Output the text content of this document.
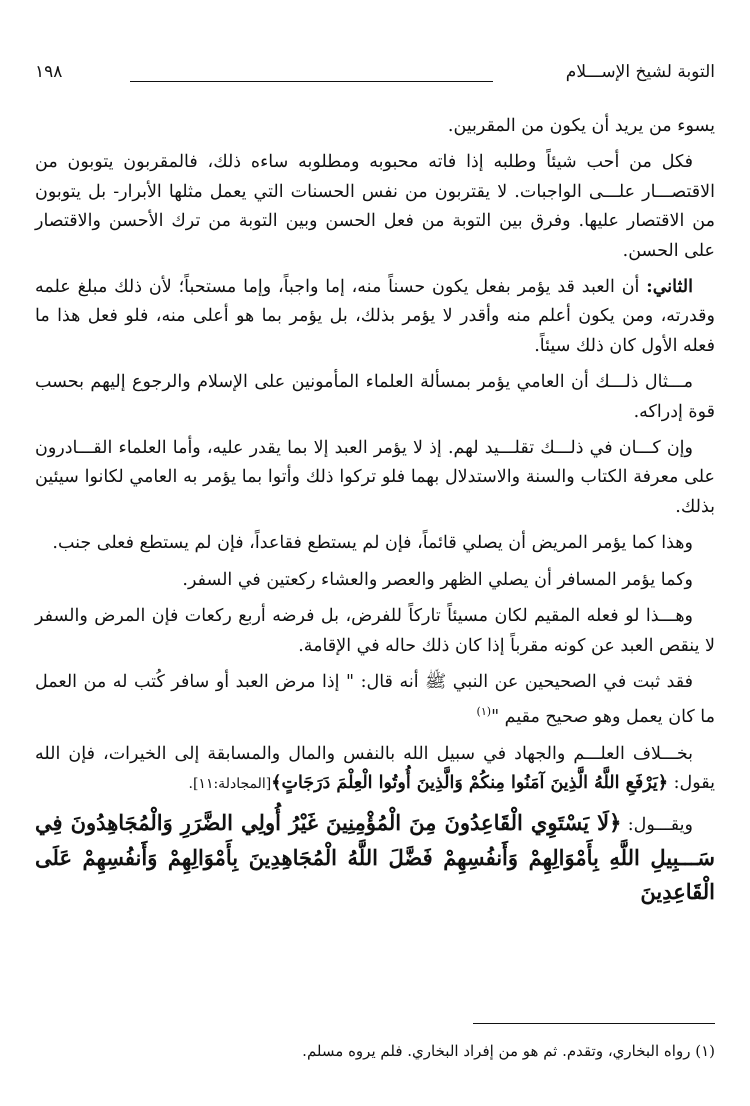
التوبة لشيخ الإســـلام
١٩٨

يسوء من يريد أن يكون من المقربين.

فكل من أحب شيئاً وطلبه إذا فاته محبوبه ومطلوبه ساءه ذلك، فالمقربون يتوبون من الاقتصـــار علـــى الواجبات. لا يقتربون من نفس الحسنات التي يعمل مثلها الأبرار- بل يتوبون من الاقتصار عليها. وفرق بين التوبة من فعل الحسن وبين التوبة من ترك الأحسن والاقتصار على الحسن.

الثاني: أن العبد قد يؤمر بفعل يكون حسناً منه، إما واجباً، وإما مستحباً؛ لأن ذلك مبلغ علمه وقدرته، ومن يكون أعلم منه وأقدر لا يؤمر بذلك، بل يؤمر بما هو أعلى منه، فلو فعل هذا ما فعله الأول كان ذلك سيئاً.

مـــثال ذلـــك أن العامي يؤمر بمسألة العلماء المأمونين على الإسلام والرجوع إليهم بحسب قوة إدراكه.

وإن كـــان في ذلـــك تقلـــيد لهم. إذ لا يؤمر العبد إلا بما يقدر عليه، وأما العلماء القـــادرون على معرفة الكتاب والسنة والاستدلال بهما فلو تركوا ذلك وأتوا بما يؤمر به العامي لكانوا سيئين بذلك.

وهذا كما يؤمر المريض أن يصلي قائماً، فإن لم يستطع فقاعداً، فإن لم يستطع فعلى جنب.

وكما يؤمر المسافر أن يصلي الظهر والعصر والعشاء ركعتين في السفر.

وهـــذا لو فعله المقيم لكان مسيئاً تاركاً للفرض، بل فرضه أربع ركعات فإن المرض والسفر لا ينقص العبد عن كونه مقرباً إذا كان ذلك حاله في الإقامة.

فقد ثبت في الصحيحين عن النبي ﷺ أنه قال: " إذا مرض العبد أو سافر كُتب له من العمل ما كان يعمل وهو صحيح مقيم "$^{(١)}$

بخـــلاف العلـــم والجهاد في سبيل الله بالنفس والمال والمسابقة إلى الخيرات، فإن الله يقول: ﴿يَرْفَعِ اللَّهُ الَّذِينَ آمَنُوا مِنكُمْ وَالَّذِينَ أُوتُوا الْعِلْمَ دَرَجَاتٍ﴾[المجادلة:١١].

ويقـــول: ﴿لَا يَسْتَوِي الْقَاعِدُونَ مِنَ الْمُؤْمِنِينَ غَيْرُ أُولِي الضَّرَرِ وَالْمُجَاهِدُونَ فِي سَـــبِيلِ اللَّهِ بِأَمْوَالِهِمْ وَأَنفُسِهِمْ فَضَّلَ اللَّهُ الْمُجَاهِدِينَ بِأَمْوَالِهِمْ وَأَنفُسِهِمْ عَلَى الْقَاعِدِينَ

(١) رواه البخاري، وتقدم. ثم هو من إفراد البخاري. فلم يروه مسلم.
